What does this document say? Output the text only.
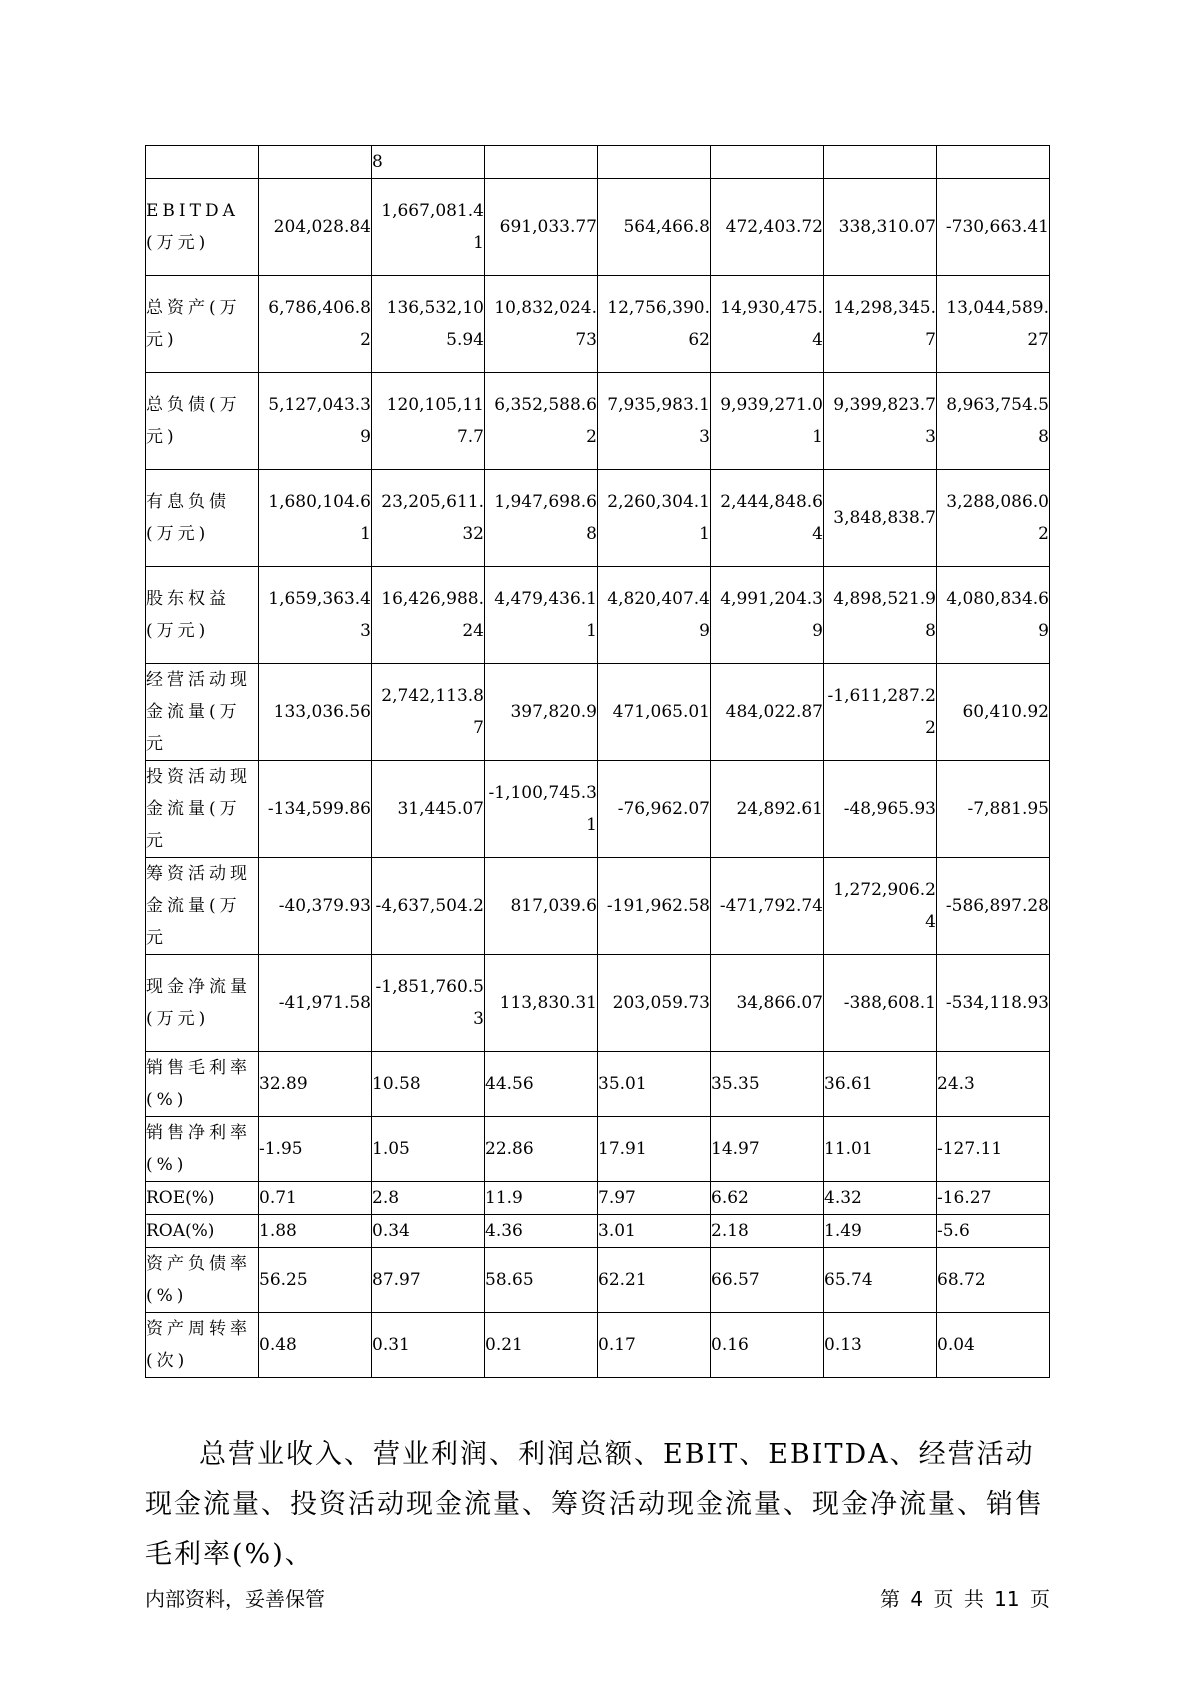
		8					
EBITDA(万元)	204,028.84	1,667,081.41	691,033.77	564,466.8	472,403.72	338,310.07	-730,663.41
总资产(万元)	6,786,406.82	136,532,105.94	10,832,024.73	12,756,390.62	14,930,475.4	14,298,345.7	13,044,589.27
总负债(万元)	5,127,043.39	120,105,117.7	6,352,588.62	7,935,983.13	9,939,271.01	9,399,823.73	8,963,754.58
有息负债(万元)	1,680,104.61	23,205,611.32	1,947,698.68	2,260,304.11	2,444,848.64	3,848,838.7	3,288,086.02
股东权益(万元)	1,659,363.43	16,426,988.24	4,479,436.11	4,820,407.49	4,991,204.39	4,898,521.98	4,080,834.69
经营活动现金流量(万元	133,036.56	2,742,113.87	397,820.9	471,065.01	484,022.87	-1,611,287.22	60,410.92
投资活动现金流量(万元	-134,599.86	31,445.07	-1,100,745.31	-76,962.07	24,892.61	-48,965.93	-7,881.95
筹资活动现金流量(万元	-40,379.93	-4,637,504.2	817,039.6	-191,962.58	-471,792.74	1,272,906.24	-586,897.28
现金净流量(万元)	-41,971.58	-1,851,760.53	113,830.31	203,059.73	34,866.07	-388,608.1	-534,118.93
销售毛利率(%)	32.89	10.58	44.56	35.01	35.35	36.61	24.3
销售净利率(%)	-1.95	1.05	22.86	17.91	14.97	11.01	-127.11
ROE(%)	0.71	2.8	11.9	7.97	6.62	4.32	-16.27
ROA(%)	1.88	0.34	4.36	3.01	2.18	1.49	-5.6
资产负债率(%)	56.25	87.97	58.65	62.21	66.57	65.74	68.72
资产周转率(次)	0.48	0.31	0.21	0.17	0.16	0.13	0.04

总营业收入、营业利润、利润总额、EBIT、EBITDA、经营活动现金流量、投资活动现金流量、筹资活动现金流量、现金净流量、销售毛利率(%)、

内部资料，妥善保管	第 4 页 共 11 页
